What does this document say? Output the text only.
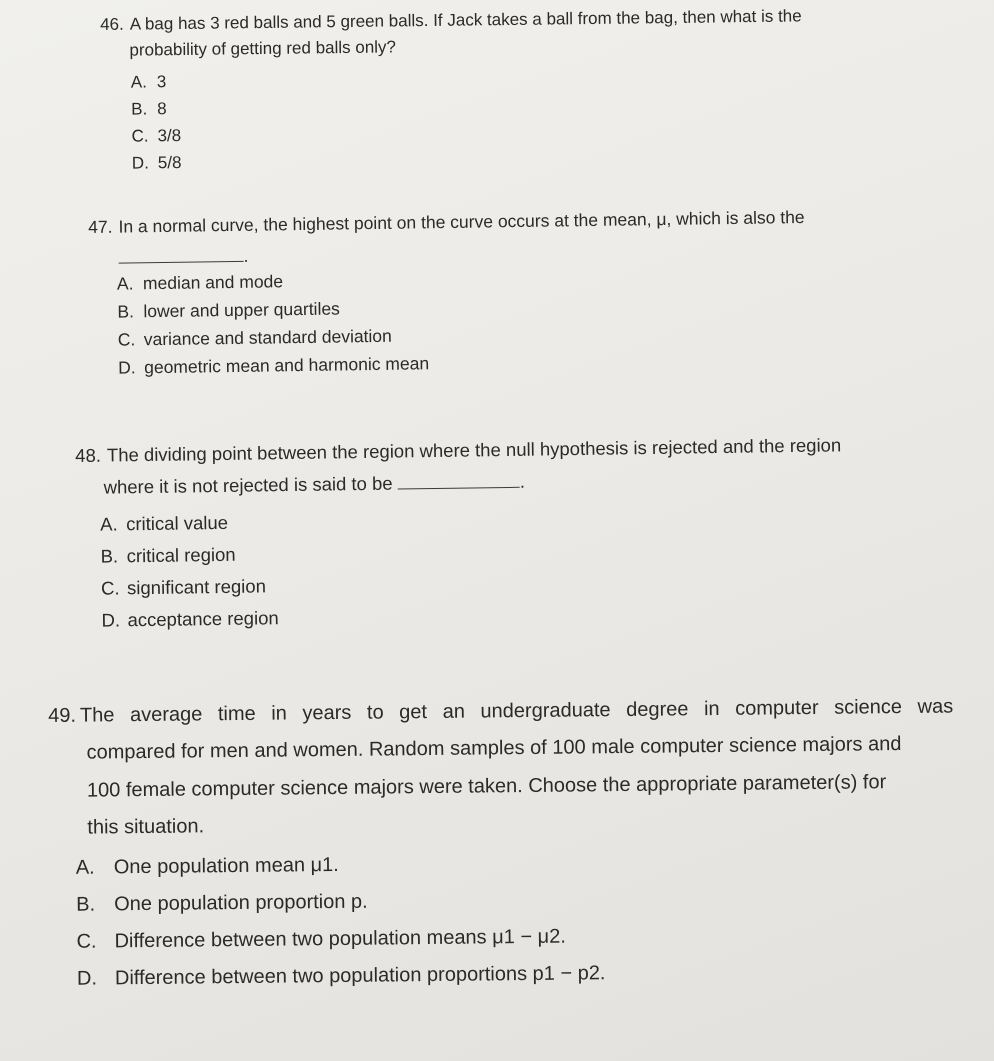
46. A bag has 3 red balls and 5 green balls. If Jack takes a ball from the bag, then what is the
probability of getting red balls only?

A. 3
B. 8
C. 3/8
D. 5/8

47. In a normal curve, the highest point on the curve occurs at the mean, μ, which is also the

.
A. median and mode
B. lower and upper quartiles
C. variance and standard deviation
D. geometric mean and harmonic mean

48. The dividing point between the region where the null hypothesis is rejected and the region
where it is not rejected is said to be	.

A. critical value
B. critical region
C. significant region
D. acceptance region

49. The average time in years to get an undergraduate degree in computer science was

compared for men and women. Random samples of 100 male computer science majors and
100 female computer science majors were taken. Choose the appropriate parameter(s) for
this situation.

A. One population mean μ1.
B. One population proportion p.
C. Difference between two population means μ1 − μ2.
D. Difference between two population proportions p1 − p2.
